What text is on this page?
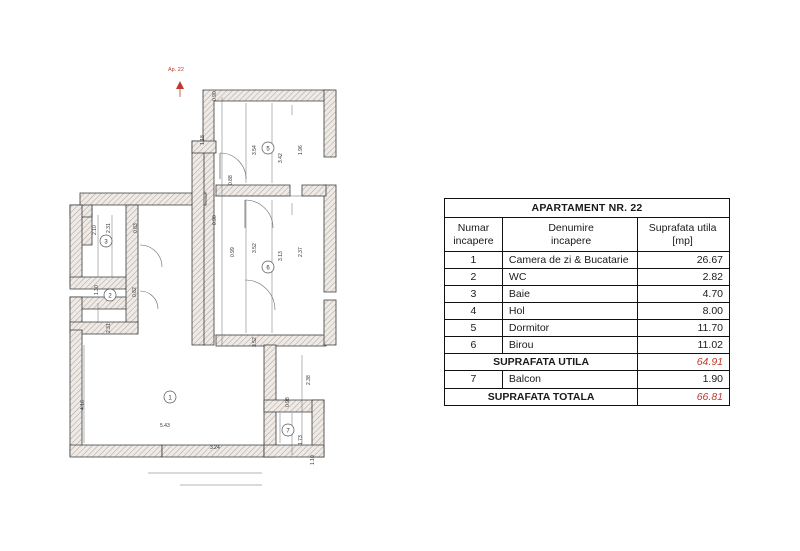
1
7
2
3
5
6
Ap. 22
0.90
1.18
3.54
3.42
1.96
0.88
0.90
2.31
2.10	0.83
3.52
3.13	2.37
0.99
1.30	0.82
2.31
3.52
2.38
4.16	0.98
5.43
1.73
3.24
1.10
APARTAMENT NR. 22		

Numar
incapere	Denumire
incapere	Suprafata utila
[mp]

1	Camera de zi & Bucatarie	26.67
2	WC	2.82
3	Baie	4.70
4	Hol	8.00
5	Dormitor	11.70
6	Birou	11.02
SUPRAFATA UTILA		64.91
7	Balcon	1.90
SUPRAFATA TOTALA		66.81
